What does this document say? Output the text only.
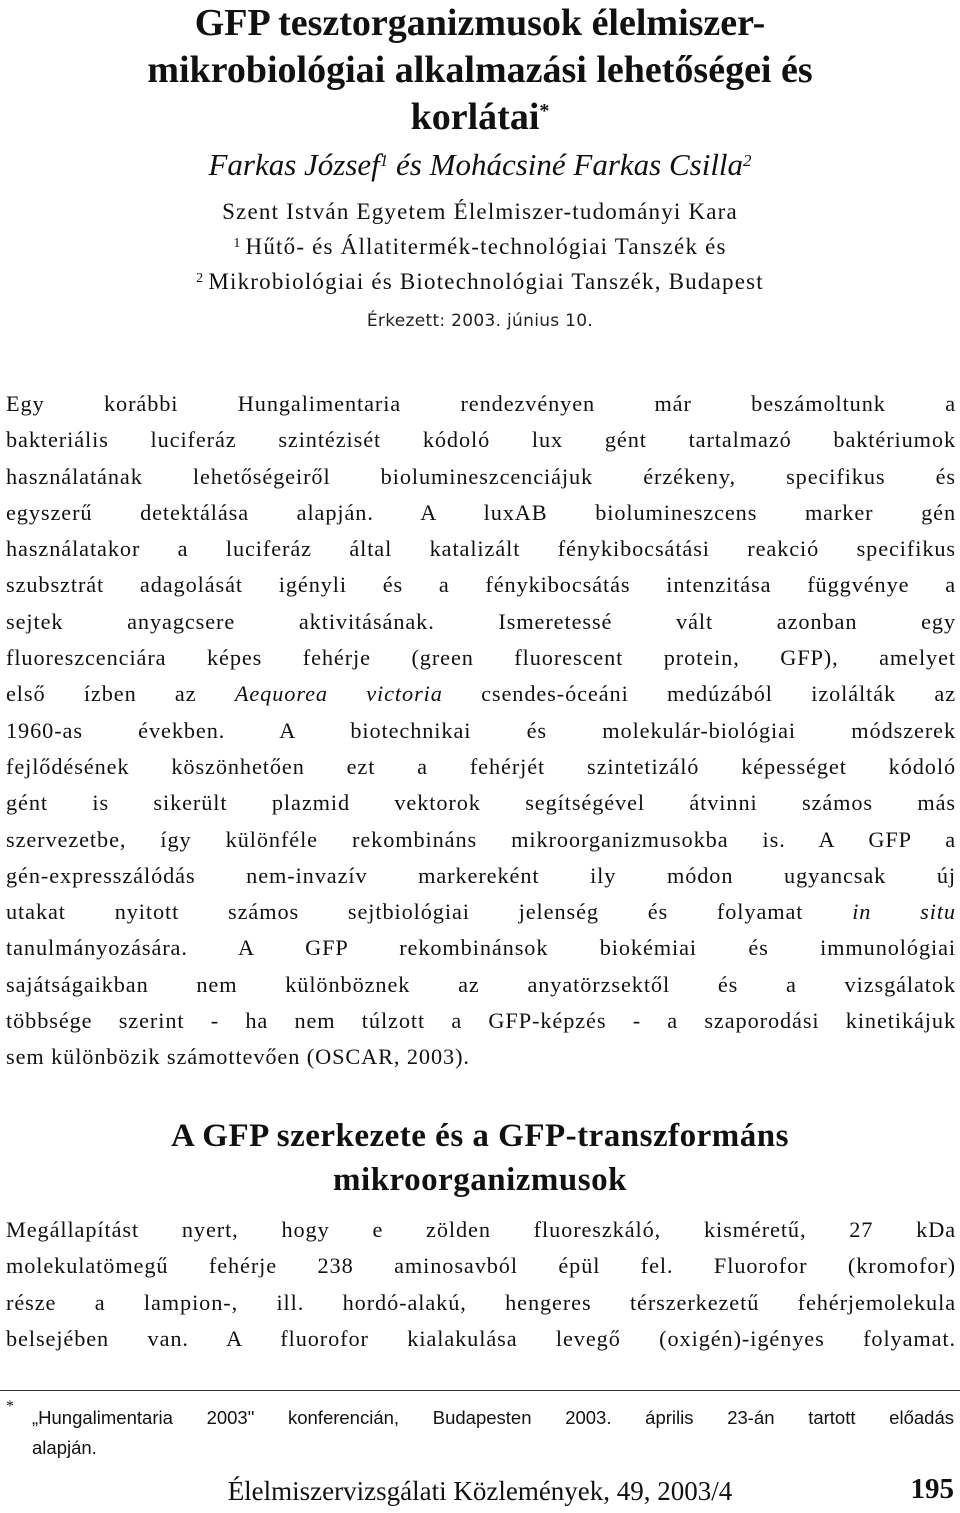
GFP tesztorganizmusok élelmiszer-
mikrobiológiai alkalmazási lehetőségei és
korlátai*
Farkas József$^1$ és Mohácsiné Farkas Csilla$^2$
Szent István Egyetem Élelmiszer-tudományi Kara
$^1$ Hűtő- és Állatitermék-technológiai Tanszék és
$^2$ Mikrobiológiai és Biotechnológiai Tanszék, Budapest
Érkezett: 2003. június 10.
Egy korábbi Hungalimentaria rendezvényen már beszámoltunk a
bakteriális luciferáz szintézisét kódoló lux gént tartalmazó baktériumok
használatának lehetőségeiről biolumineszcenciájuk érzékeny, specifikus és
egyszerű detektálása alapján. A luxAB biolumineszcens marker gén
használatakor a luciferáz által katalizált fénykibocsátási reakció specifikus
szubsztrát adagolását igényli és a fénykibocsátás intenzitása függvénye a
sejtek anyagcsere aktivitásának. Ismeretessé vált azonban egy
fluoreszcenciára képes fehérje (green fluorescent protein, GFP), amelyet
első ízben az Aequorea victoria csendes-óceáni medúzából izolálták az
1960-as években. A biotechnikai és molekulár-biológiai módszerek
fejlődésének köszönhetően ezt a fehérjét szintetizáló képességet kódoló
gént is sikerült plazmid vektorok segítségével átvinni számos más
szervezetbe, így különféle rekombináns mikroorganizmusokba is. A GFP a
gén-expresszálódás nem-invazív markereként ily módon ugyancsak új
utakat nyitott számos sejtbiológiai jelenség és folyamat in situ
tanulmányozására. A GFP rekombinánsok biokémiai és immunológiai
sajátságaikban nem különböznek az anyatörzsektől és a vizsgálatok
többsége szerint - ha nem túlzott a GFP-képzés - a szaporodási kinetikájuk
sem különbözik számottevően (OSCAR, 2003).
A GFP szerkezete és a GFP-transzformáns
mikroorganizmusok
Megállapítást nyert, hogy e zölden fluoreszkáló, kisméretű, 27 kDa
molekulatömegű fehérje 238 aminosavból épül fel. Fluorofor (kromofor)
része a lampion-, ill. hordó-alakú, hengeres térszerkezetű fehérjemolekula
belsejében van. A fluorofor kialakulása levegő (oxigén)-igényes folyamat.
*
„Hungalimentaria 2003" konferencián, Budapesten 2003. április 23-án tartott előadás
alapján.
Élelmiszervizsgálati Közlemények, 49, 2003/4	195
